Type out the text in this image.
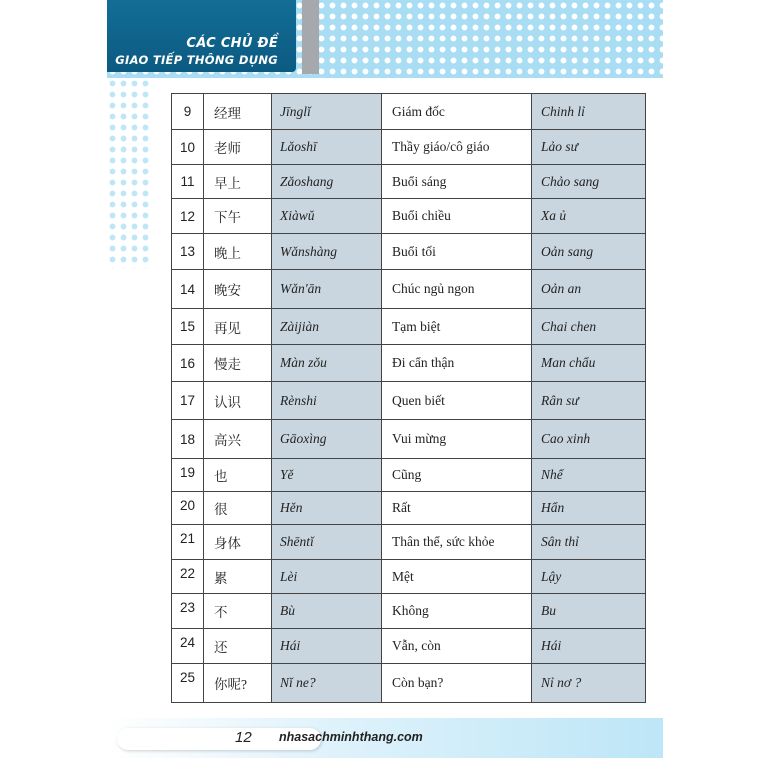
CÁC CHỦ ĐỀ
GIAO TIẾP THÔNG DỤNG
12 nhasachminhthang.com
9	经理	Jīnglǐ	Giám đốc	Chinh lỉ
10	老师	Lǎoshī	Thầy giáo/cô giáo	Lảo sư
11	早上	Zǎoshang	Buổi sáng	Chảo sang
12	下午	Xiàwǔ	Buổi chiều	Xa ủ
13	晚上	Wǎnshàng	Buổi tối	Oản sang
14	晚安	Wǎn'ān	Chúc ngủ ngon	Oản an
15	再见	Zàijiàn	Tạm biệt	Chai chen
16	慢走	Màn zǒu	Đi cẩn thận	Man chẩu
17	认识	Rènshi	Quen biết	Rân sư
18	高兴	Gāoxìng	Vui mừng	Cao xinh
19	也	Yě	Cũng	Nhể
20	很	Hěn	Rất	Hẩn
21	身体	Shēntǐ	Thân thể, sức khỏe	Sân thỉ
22	累	Lèi	Mệt	Lậy
23	不	Bù	Không	Bu
24	还	Hái	Vẫn, còn	Hái
25	你呢?	Nǐ ne?	Còn bạn?	Nỉ nơ ?
